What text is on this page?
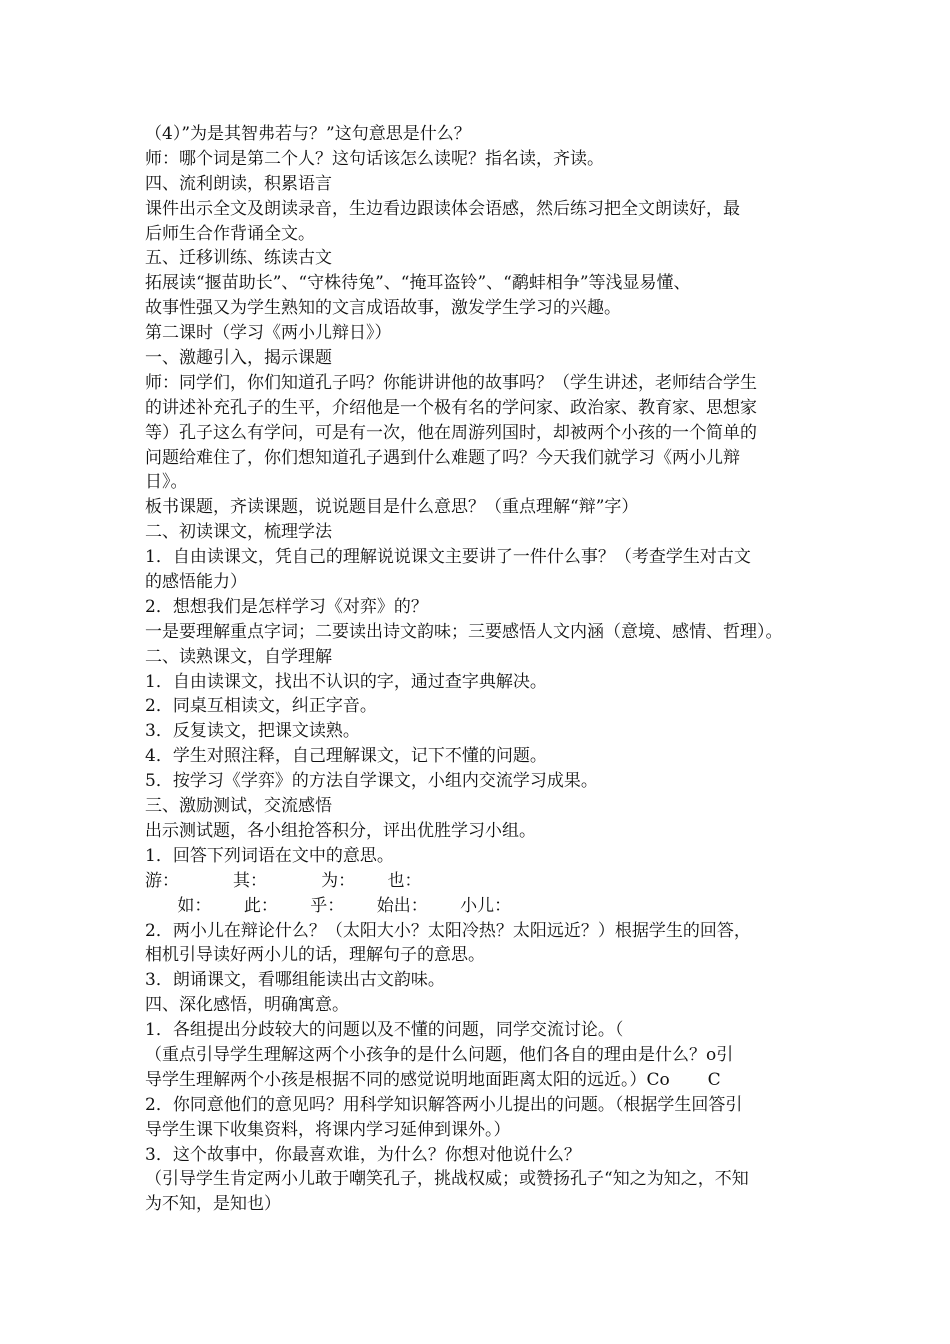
（4）”为是其智弗若与？”这句意思是什么？
师：哪个词是第二个人？这句话该怎么读呢？指名读，齐读。
四、流利朗读，积累语言
课件出示全文及朗读录音，生边看边跟读体会语感，然后练习把全文朗读好，最
后师生合作背诵全文。
五、迁移训练、练读古文
拓展读“揠苗助长”、“守株待兔”、“掩耳盗铃”、“鹬蚌相争”等浅显易懂、
故事性强又为学生熟知的文言成语故事，激发学生学习的兴趣。
第二课时（学习《两小儿辩日》）
一、激趣引入，揭示课题
师：同学们，你们知道孔子吗？你能讲讲他的故事吗？（学生讲述，老师结合学生
的讲述补充孔子的生平，介绍他是一个极有名的学问家、政治家、教育家、思想家
等）孔子这么有学问，可是有一次，他在周游列国时，却被两个小孩的一个简单的
问题给难住了，你们想知道孔子遇到什么难题了吗？今天我们就学习《两小儿辩
日》。
板书课题，齐读课题，说说题目是什么意思？（重点理解“辩”字）
二、初读课文，梳理学法
1．自由读课文，凭自己的理解说说课文主要讲了一件什么事？（考查学生对古文
的感悟能力）
2．想想我们是怎样学习《对弈》的？
一是要理解重点字词；二要读出诗文韵味；三要感悟人文内涵（意境、感情、哲理）。
二、读熟课文，自学理解
1．自由读课文，找出不认识的字，通过查字典解决。
2．同桌互相读文，纠正字音。
3．反复读文，把课文读熟。
4．学生对照注释，自己理解课文，记下不懂的问题。
5．按学习《学弈》的方法自学课文，小组内交流学习成果。
三、激励测试，交流感悟
出示测试题，各小组抢答积分，评出优胜学习小组。
1．回答下列词语在文中的意思。
游：          其：          为：      也：
如：      此：      乎：      始出：      小儿：
2．两小儿在辩论什么？（太阳大小？太阳冷热？太阳远近？）根据学生的回答，
相机引导读好两小儿的话，理解句子的意思。
3．朗诵课文，看哪组能读出古文韵味。
四、深化感悟，明确寓意。
1．各组提出分歧较大的问题以及不懂的问题，同学交流讨论。（
（重点引导学生理解这两个小孩争的是什么问题，他们各自的理由是什么？o引
导学生理解两个小孩是根据不同的感觉说明地面距离太阳的远近。）Co       C
2．你同意他们的意见吗？用科学知识解答两小儿提出的问题。（根据学生回答引
导学生课下收集资料，将课内学习延伸到课外。）
3．这个故事中，你最喜欢谁，为什么？你想对他说什么？
（引导学生肯定两小儿敢于嘲笑孔子，挑战权威；或赞扬孔子“知之为知之，不知
为不知，是知也）
